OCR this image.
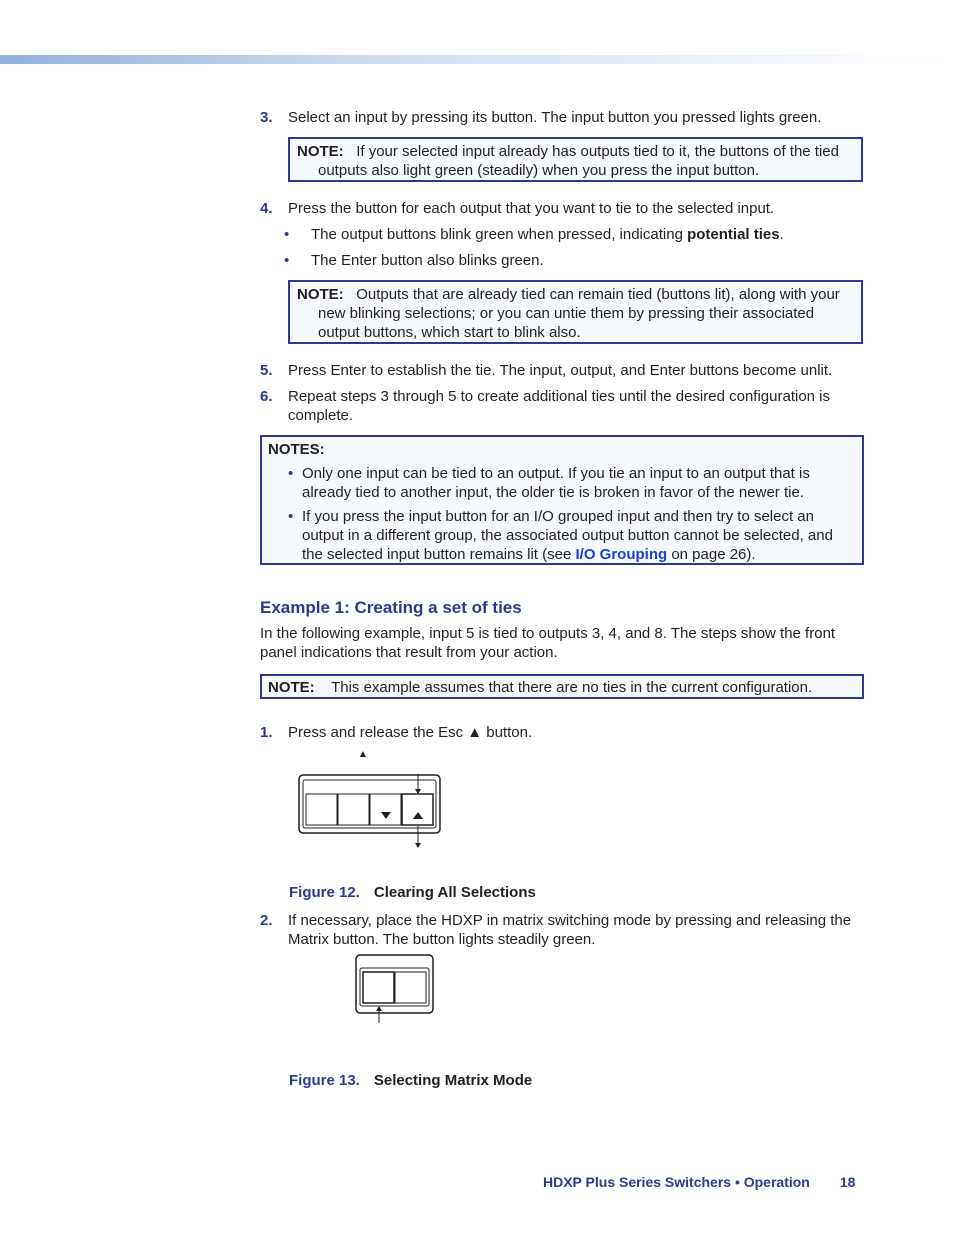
3. Select an input by pressing its button. The input button you pressed lights green.
NOTE: If your selected input already has outputs tied to it, the buttons of the tied outputs also light green (steadily) when you press the input button.
4. Press the button for each output that you want to tie to the selected input.
• The output buttons blink green when pressed, indicating potential ties.
• The Enter button also blinks green.
NOTE: Outputs that are already tied can remain tied (buttons lit), along with your new blinking selections; or you can untie them by pressing their associated output buttons, which start to blink also.
5. Press Enter to establish the tie. The input, output, and Enter buttons become unlit.
6. Repeat steps 3 through 5 to create additional ties until the desired configuration is complete.
NOTES:
• Only one input can be tied to an output. If you tie an input to an output that is already tied to another input, the older tie is broken in favor of the newer tie.
• If you press the input button for an I/O grouped input and then try to select an output in a different group, the associated output button cannot be selected, and the selected input button remains lit (see I/O Grouping on page 26).
Example 1: Creating a set of ties
In the following example, input 5 is tied to outputs 3, 4, and 8. The steps show the front panel indications that result from your action.
NOTE: This example assumes that there are no ties in the current configuration.
1. Press and release the Esc ▲ button.
▲
Figure 12. Clearing All Selections
2. If necessary, place the HDXP in matrix switching mode by pressing and releasing the Matrix button. The button lights steadily green.
Figure 13. Selecting Matrix Mode
HDXP Plus Series Switchers • Operation 18
